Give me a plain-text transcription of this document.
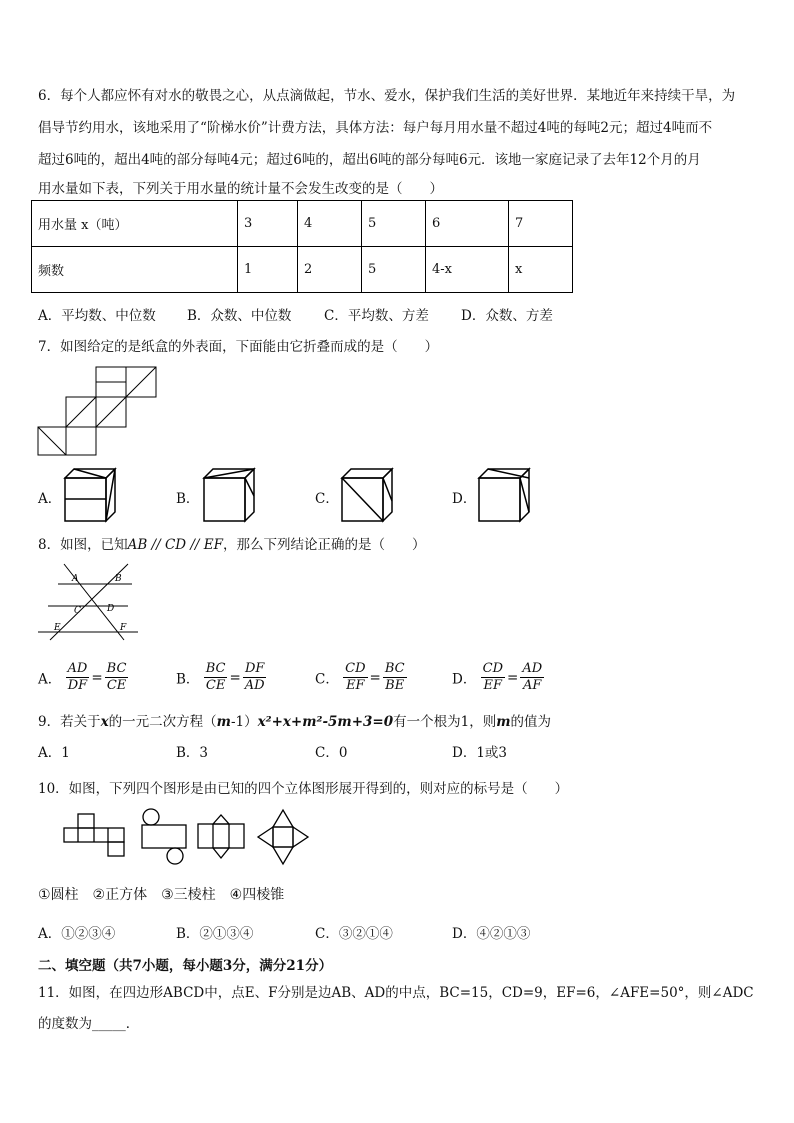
6．每个人都应怀有对水的敬畏之心，从点滴做起，节水、爱水，保护我们生活的美好世界．某地近年来持续干旱，为
倡导节约用水，该地采用了“阶梯水价”计费方法，具体方法：每户每月用水量不超过4吨的每吨2元；超过4吨而不
超过6吨的，超出4吨的部分每吨4元；超过6吨的，超出6吨的部分每吨6元．该地一家庭记录了去年12个月的月
用水量如下表，下列关于用水量的统计量不会发生改变的是（　　）
用水量 x（吨）	3	4	5	6	7
频数	1	2	5	4-x	x
A．平均数、中位数 B．众数、中位数 C．平均数、方差 D．众数、方差
7．如图给定的是纸盒的外表面，下面能由它折叠而成的是（　　）
A．	B．	C．	D．
8．如图，已知AB // CD // EF，那么下列结论正确的是（　　）
A	B
C	D
E	F
A． $\frac{AD}{DF} = \frac{BC}{CE}$	B． $\frac{BC}{CE} = \frac{DF}{AD}$	C． $\frac{CD}{EF} = \frac{BC}{BE}$	D． $\frac{CD}{EF} = \frac{AD}{AF}$
9．若关于x的一元二次方程（m-1）x²+x+m²-5m+3=0有一个根为1，则m的值为
A．1	B．3	C．0	D．1或3
10．如图，下列四个图形是由已知的四个立体图形展开得到的，则对应的标号是（　　）
①圆柱　②正方体　③三棱柱　④四棱锥
A．①②③④	B．②①③④	C．③②①④	D．④②①③
二、填空题（共7小题，每小题3分，满分21分）
11．如图，在四边形ABCD中，点E、F分别是边AB、AD的中点，BC=15，CD=9，EF=6，∠AFE=50°，则∠ADC
的度数为_____．
